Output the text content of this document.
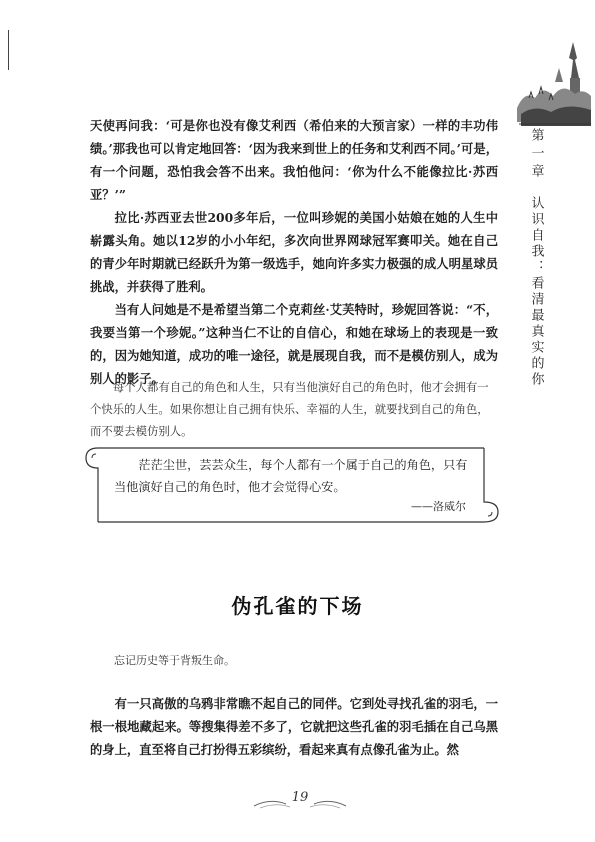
第一章
认识自我：看清最真实的你

天使再问我：‘可是你也没有像艾利西（希伯来的大预言家）一样的丰功伟绩。’那我也可以肯定地回答：‘因为我来到世上的任务和艾利西不同。’可是，有一个问题，恐怕我会答不出来。我怕他问：‘你为什么不能像拉比·苏西亚？’”

拉比·苏西亚去世200多年后，一位叫珍妮的美国小姑娘在她的人生中崭露头角。她以12岁的小小年纪，多次向世界网球冠军赛叩关。她在自己的青少年时期就已经跃升为第一级选手，她向许多实力极强的成人明星球员挑战，并获得了胜利。

当有人问她是不是希望当第二个克莉丝·艾芙特时，珍妮回答说：“不，我要当第一个珍妮。”这种当仁不让的自信心，和她在球场上的表现是一致的，因为她知道，成功的唯一途径，就是展现自我，而不是模仿别人，成为别人的影子。

每个人都有自己的角色和人生，只有当他演好自己的角色时，他才会拥有一个快乐的人生。如果你想让自己拥有快乐、幸福的人生，就要找到自己的角色，而不要去模仿别人。

茫茫尘世，芸芸众生，每个人都有一个属于自己的角色，只有当他演好自己的角色时，他才会觉得心安。

——洛威尔
伪孔雀的下场

忘记历史等于背叛生命。

有一只高傲的乌鸦非常瞧不起自己的同伴。它到处寻找孔雀的羽毛，一根一根地藏起来。等搜集得差不多了，它就把这些孔雀的羽毛插在自己乌黑的身上，直至将自己打扮得五彩缤纷，看起来真有点像孔雀为止。然

19
